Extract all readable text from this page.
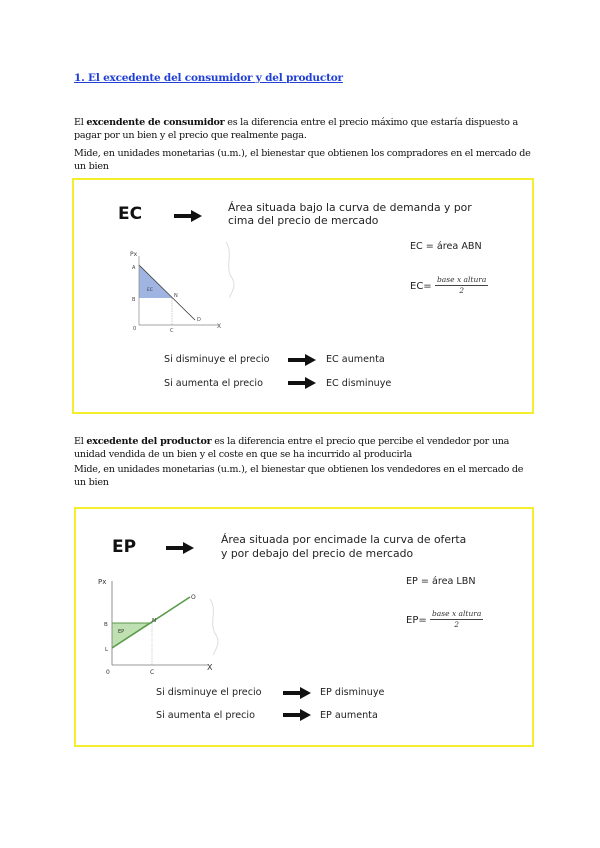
1. El excedente del consumidor y del productor
El excendente de consumidor es la diferencia entre el precio máximo que estaría dispuesto a pagar por un bien y el precio que realmente paga.
Mide, en unidades monetarias (u.m.), el bienestar que obtienen los compradores en el mercado de un bien
EC	Área situada bajo la curva de demanda y por cima del precio de mercado
Px
A
B
N
EC
0	C
D
X
EC = área ABN
EC=
base x altura
2
Si disminuye el precio	EC aumenta
Si aumenta el precio	EC disminuye
El excedente del productor es la diferencia entre el precio que percibe el vendedor por una unidad vendida de un bien y el coste en que se ha incurrido al producirla
Mide, en unidades monetarias (u.m.), el bienestar que obtienen los vendedores en el mercado de un bien
EP	Área situada por encimade la curva de oferta
y por debajo del precio de mercado
Px
B
L
N
EP
O
0	C
X
EP = área LBN
EP=
base x altura
2
Si disminuye el precio	EP disminuye
Si aumenta el precio	EP aumenta
